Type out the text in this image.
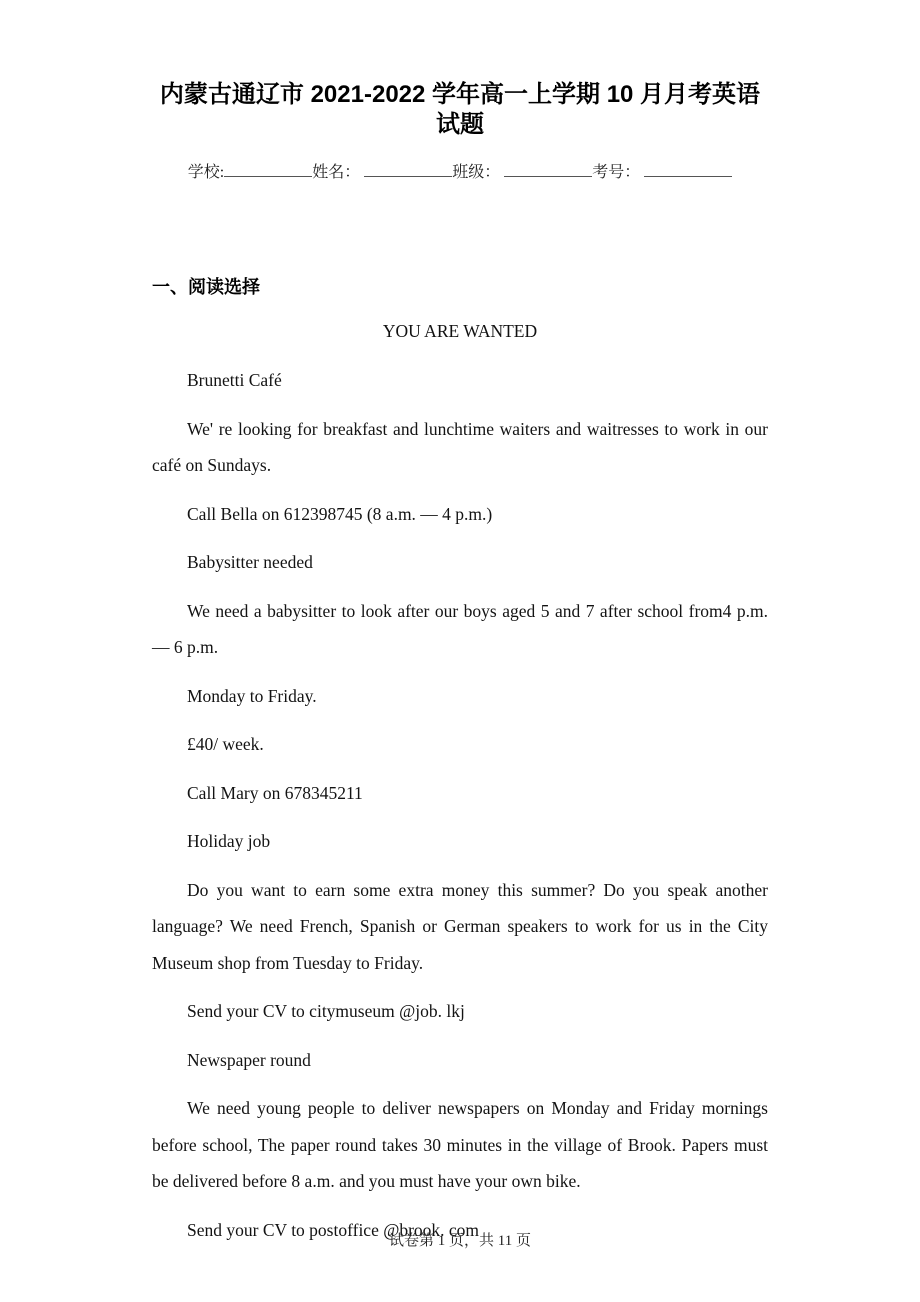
内蒙古通辽市 2021-2022 学年高一上学期 10 月月考英语试题
学校:	姓名：	班级：	考号：
一、阅读选择
YOU ARE WANTED

Brunetti Café

We' re looking for breakfast and lunchtime waiters and waitresses to work in our café on Sundays.

Call Bella on 612398745 (8 a.m. — 4 p.m.)

Babysitter needed

We need a babysitter to look after our boys aged 5 and 7 after school from4 p.m. — 6 p.m.

Monday to Friday.

£40/ week.

Call Mary on 678345211

Holiday job

Do you want to earn some extra money this summer? Do you speak another language? We need French, Spanish or German speakers to work for us in the City Museum shop from Tuesday to Friday.

Send your CV to citymuseum @job. lkj

Newspaper round

We need young people to deliver newspapers on Monday and Friday mornings before school, The paper round takes 30 minutes in the village of Brook. Papers must be delivered before 8 a.m. and you must have your own bike.

Send your CV to postoffice @brook. com

试卷第 1 页，共 11 页
